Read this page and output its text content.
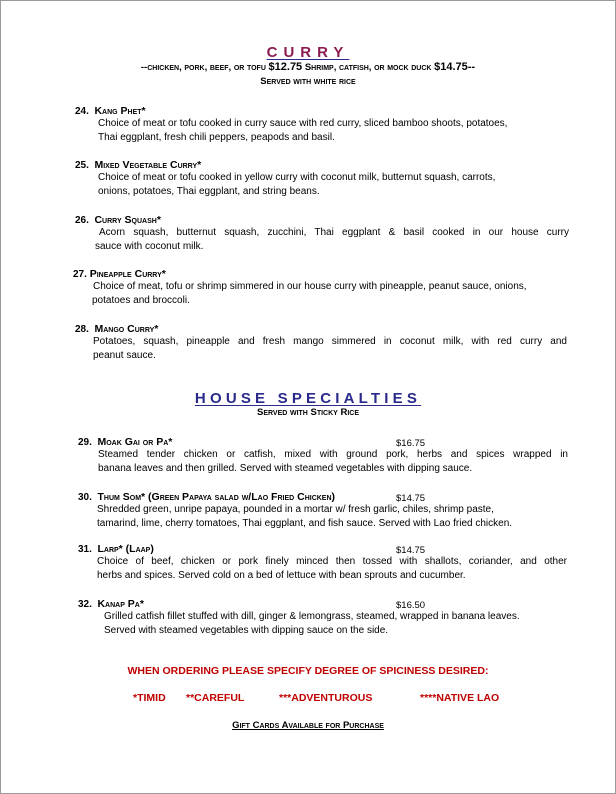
CURRY
--chicken, pork, beef, or tofu $12.75 Shrimp, catfish, or mock duck $14.75--
Served with white rice
24. Kang Phet*

Choice of meat or tofu cooked in curry sauce with red curry, sliced bamboo shoots, potatoes,

Thai eggplant, fresh chili peppers, peapods and basil.

25. Mixed Vegetable Curry*

Choice of meat or tofu cooked in yellow curry with coconut milk, butternut squash, carrots,

onions, potatoes, Thai eggplant, and string beans.

26. Curry Squash*

Acorn squash, butternut squash, zucchini, Thai eggplant & basil cooked in our house curry

sauce with coconut milk.

27. Pineapple Curry*

Choice of meat, tofu or shrimp simmered in our house curry with pineapple, peanut sauce, onions,

potatoes and broccoli.

28. Mango Curry*

Potatoes, squash, pineapple and fresh mango simmered in coconut milk, with red curry and

peanut sauce.

HOUSE SPECIALTIES
Served with Sticky Rice
29. Moak Gai or Pa*

Steamed tender chicken or catfish, mixed with ground pork, herbs and spices wrapped in

banana leaves and then grilled. Served with steamed vegetables with dipping sauce.

$16.75
30. Thum Som* (Green Papaya salad w/Lao Fried Chicken)

Shredded green, unripe papaya, pounded in a mortar w/ fresh garlic, chiles, shrimp paste,

tamarind, lime, cherry tomatoes, Thai eggplant, and fish sauce. Served with Lao fried chicken.

$14.75
31. Larp* (Laap)

Choice of beef, chicken or pork finely minced then tossed with shallots, coriander, and other

herbs and spices. Served cold on a bed of lettuce with bean sprouts and cucumber.

$14.75
32. Kanap Pa*

Grilled catfish fillet stuffed with dill, ginger & lemongrass, steamed, wrapped in banana leaves.

Served with steamed vegetables with dipping sauce on the side.

$16.50
WHEN ORDERING PLEASE SPECIFY DEGREE OF SPICINESS DESIRED:
*TIMID **CAREFUL	***ADVENTUROUS	****NATIVE LAO
Gift Cards Available for Purchase
